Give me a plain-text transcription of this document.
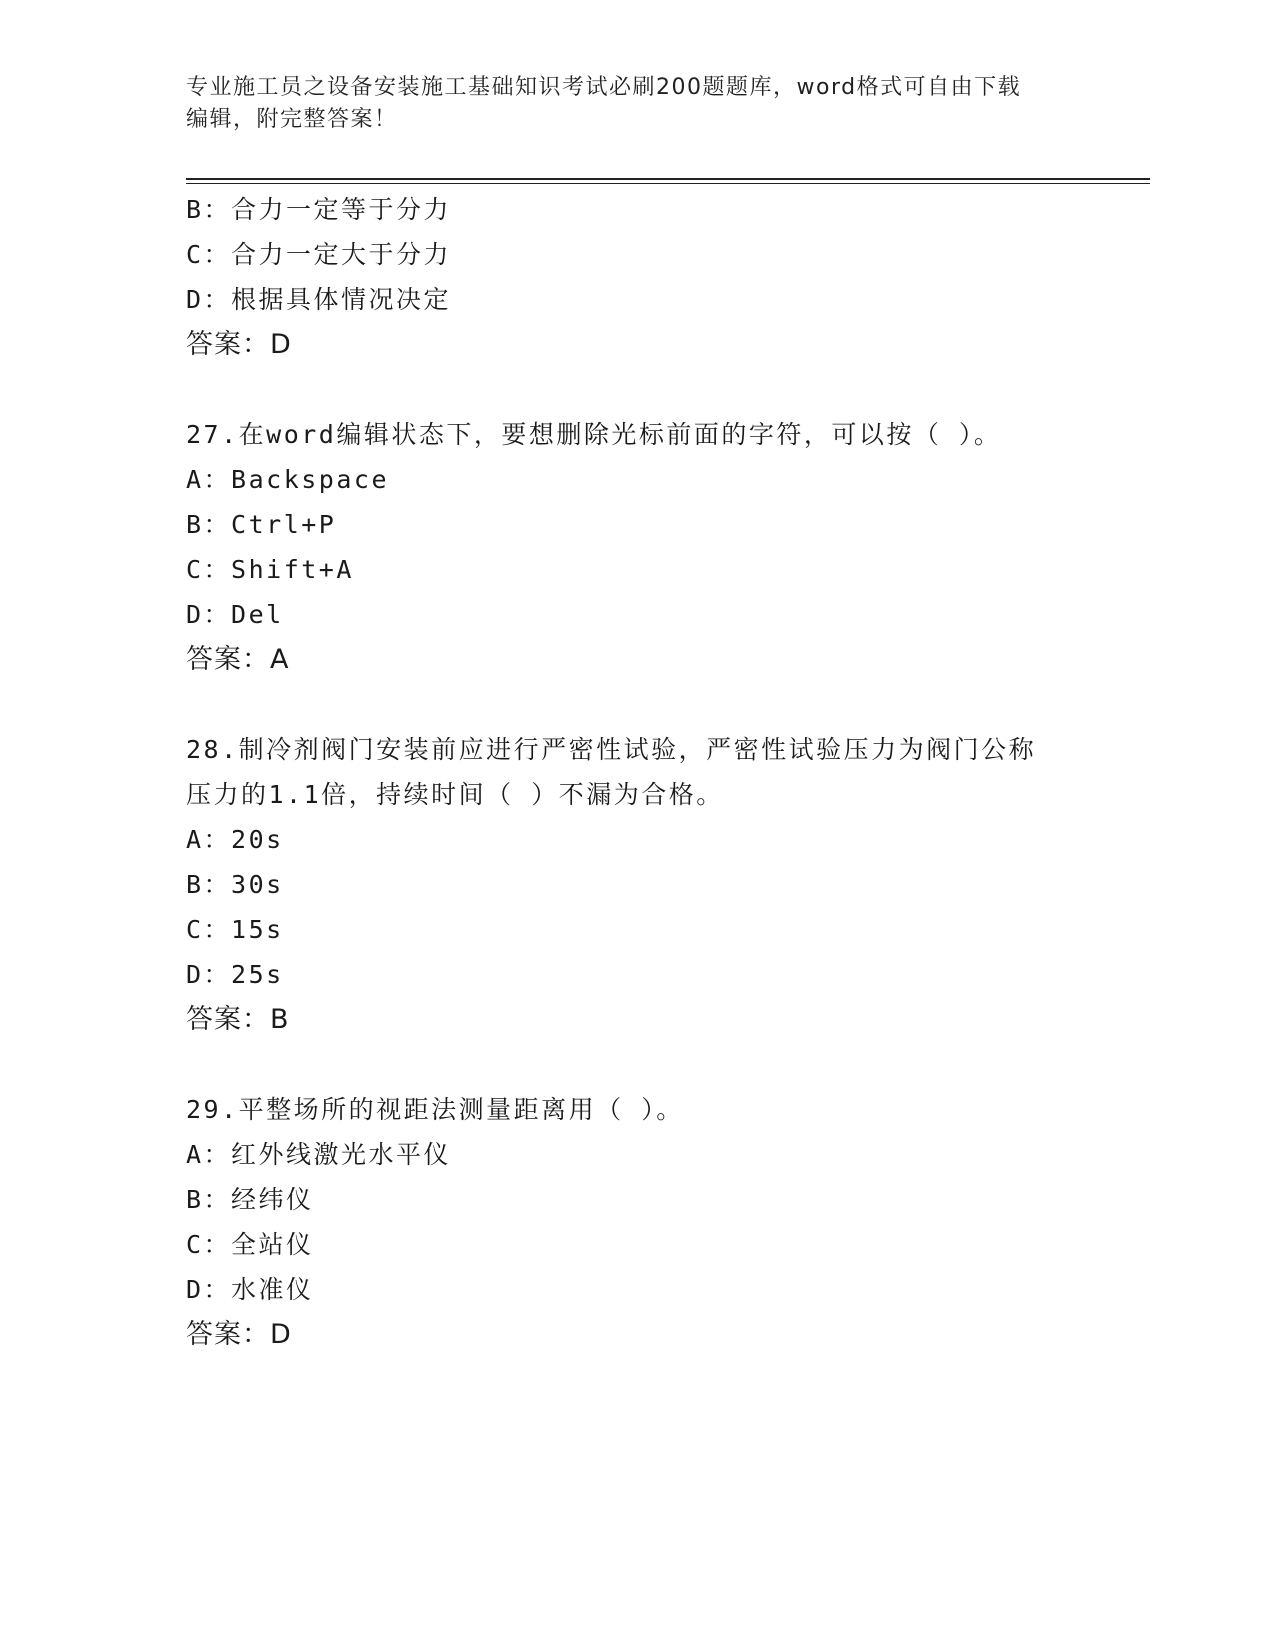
专业施工员之设备安装施工基础知识考试必刷200题题库，word格式可自由下载
编辑，附完整答案！
B：合力一定等于分力
C：合力一定大于分力
D：根据具体情况决定
答案：D
27.在word编辑状态下，要想删除光标前面的字符，可以按（ ）。
A：Backspace
B：Ctrl+P
C：Shift+A
D：Del
答案：A
28.制冷剂阀门安装前应进行严密性试验，严密性试验压力为阀门公称
压力的1.1倍，持续时间（ ）不漏为合格。
A：20s
B：30s
C：15s
D：25s
答案：B
29.平整场所的视距法测量距离用（ ）。
A：红外线激光水平仪
B：经纬仪
C：全站仪
D：水准仪
答案：D
